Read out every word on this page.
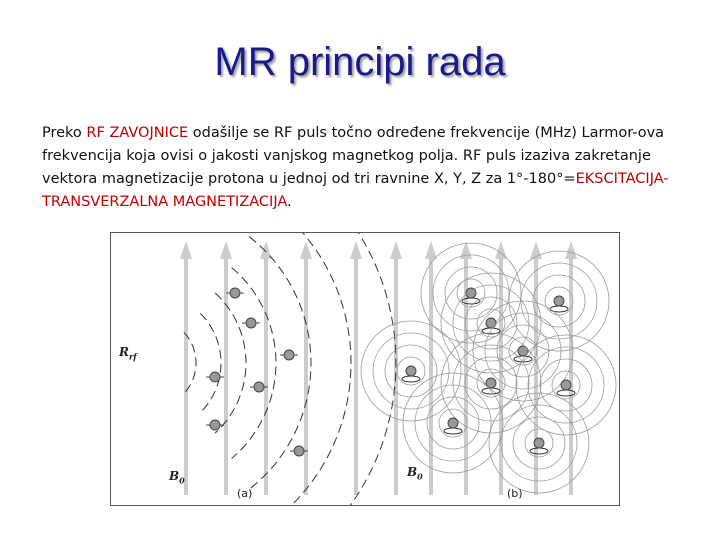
MR principi rada
Preko RF ZAVOJNICE odašilje se RF puls točno određene frekvencije (MHz) Larmor-ova frekvencija koja ovisi o jakosti vanjskog magnetkog polja. RF puls izaziva zakretanje vektora magnetizacije protona u jednoj od tri ravnine X, Y, Z za 1°-180°=EKSCITACIJA-TRANSVERZALNA MAGNETIZACIJA.
$R_{rf}$
$B_0$
$B_0$
(a)	(b)
